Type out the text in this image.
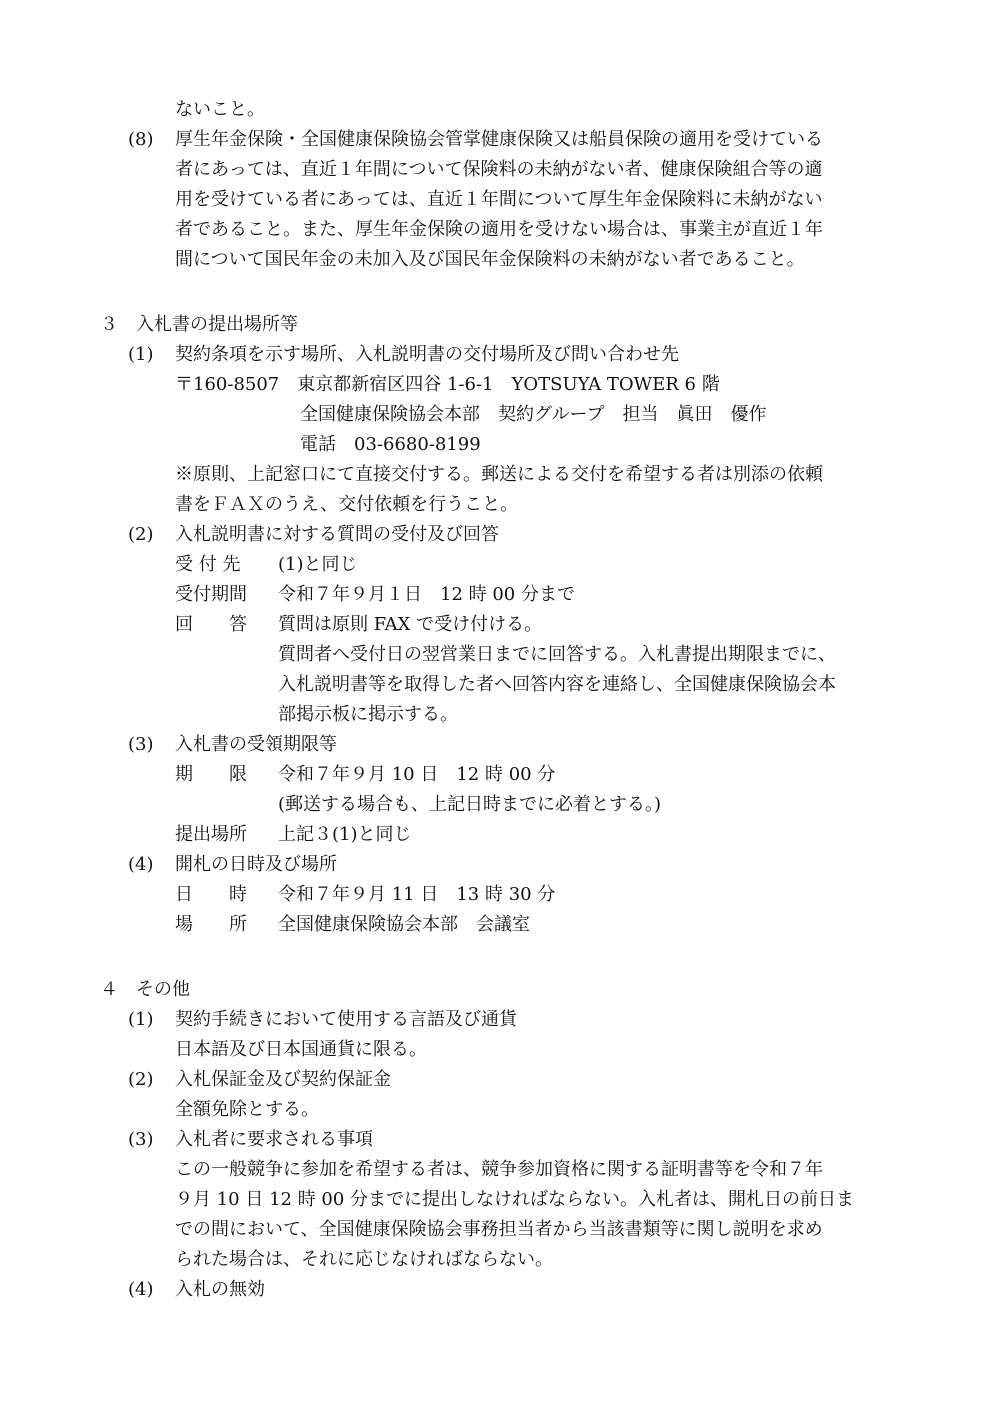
ないこと。
(8) 厚生年金保険・全国健康保険協会管掌健康保険又は船員保険の適用を受けている
者にあっては、直近１年間について保険料の未納がない者、健康保険組合等の適
用を受けている者にあっては、直近１年間について厚生年金保険料に未納がない
者であること。また、厚生年金保険の適用を受けない場合は、事業主が直近１年
間について国民年金の未加入及び国民年金保険料の未納がない者であること。
３　入札書の提出場所等
(1) 契約条項を示す場所、入札説明書の交付場所及び問い合わせ先
〒160-8507　東京都新宿区四谷 1-6-1　YOTSUYA TOWER 6 階
全国健康保険協会本部　契約グループ　担当　眞田　優作
電話　03-6680-8199
※原則、上記窓口にて直接交付する。郵送による交付を希望する者は別添の依頼
書をＦＡＸのうえ、交付依頼を行うこと。
(2) 入札説明書に対する質問の受付及び回答
受 付 先 (1)と同じ
受付期間 令和７年９月１日　12 時 00 分まで
回　　答 質問は原則 FAX で受け付ける。
質問者へ受付日の翌営業日までに回答する。入札書提出期限までに、
入札説明書等を取得した者へ回答内容を連絡し、全国健康保険協会本
部掲示板に掲示する。
(3) 入札書の受領期限等
期　　限 令和７年９月 10 日　12 時 00 分
(郵送する場合も、上記日時までに必着とする。)
提出場所 上記３(1)と同じ
(4) 開札の日時及び場所
日　　時 令和７年９月 11 日　13 時 30 分
場　　所 全国健康保険協会本部　会議室
４　その他
(1) 契約手続きにおいて使用する言語及び通貨
日本語及び日本国通貨に限る。
(2) 入札保証金及び契約保証金
全額免除とする。
(3) 入札者に要求される事項
この一般競争に参加を希望する者は、競争参加資格に関する証明書等を令和７年
９月 10 日 12 時 00 分までに提出しなければならない。入札者は、開札日の前日ま
での間において、全国健康保険協会事務担当者から当該書類等に関し説明を求め
られた場合は、それに応じなければならない。
(4) 入札の無効
